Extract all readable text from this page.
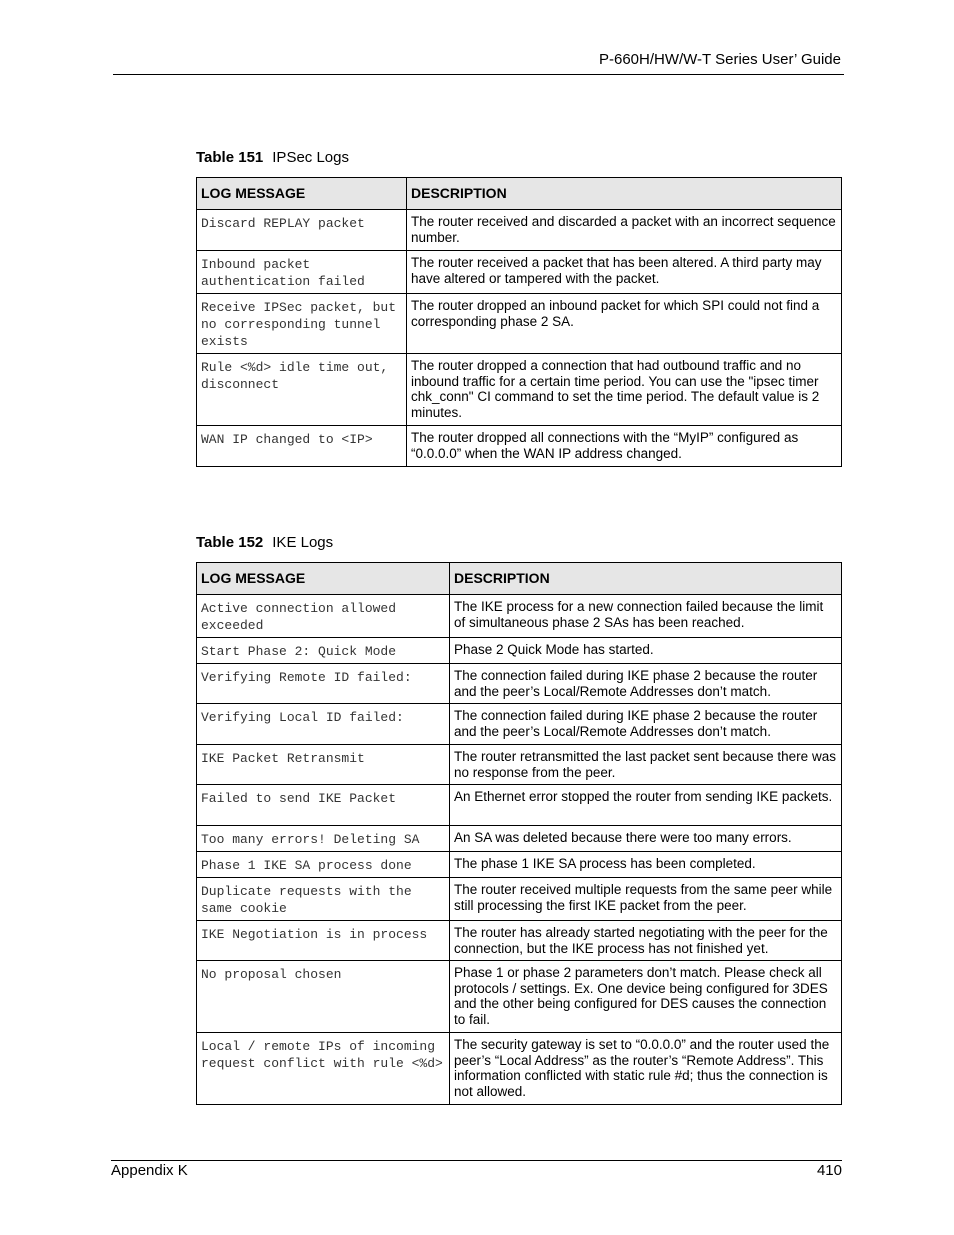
P-660H/HW/W-T Series User’ Guide
Table 151 IPSec Logs
LOG MESSAGE	DESCRIPTION
Discard REPLAY packet	The router received and discarded a packet with an incorrect sequence number.
Inbound packet authentication failed	The router received a packet that has been altered. A third party may have altered or tampered with the packet.
Receive IPSec packet, but no corresponding tunnel exists	The router dropped an inbound packet for which SPI could not find a corresponding phase 2 SA.
Rule <%d> idle time out, disconnect	The router dropped a connection that had outbound traffic and no inbound traffic for a certain time period. You can use the "ipsec timer chk_conn" CI command to set the time period. The default value is 2 minutes.
WAN IP changed to <IP>	The router dropped all connections with the “MyIP” configured as “0.0.0.0” when the WAN IP address changed.
Table 152 IKE Logs
LOG MESSAGE	DESCRIPTION
Active connection allowed exceeded	The IKE process for a new connection failed because the limit of simultaneous phase 2 SAs has been reached.
Start Phase 2: Quick Mode	Phase 2 Quick Mode has started.
Verifying Remote ID failed:	The connection failed during IKE phase 2 because the router and the peer’s Local/Remote Addresses don’t match.
Verifying Local ID failed:	The connection failed during IKE phase 2 because the router and the peer’s Local/Remote Addresses don’t match.
IKE Packet Retransmit	The router retransmitted the last packet sent because there was no response from the peer.
Failed to send IKE Packet	An Ethernet error stopped the router from sending IKE packets.
Too many errors! Deleting SA	An SA was deleted because there were too many errors.
Phase 1 IKE SA process done	The phase 1 IKE SA process has been completed.
Duplicate requests with the same cookie	The router received multiple requests from the same peer while still processing the first IKE packet from the peer.
IKE Negotiation is in process	The router has already started negotiating with the peer for the connection, but the IKE process has not finished yet.
No proposal chosen	Phase 1 or phase 2 parameters don’t match. Please check all protocols / settings. Ex. One device being configured for 3DES and the other being configured for DES causes the connection to fail.
Local / remote IPs of incoming request conflict with rule <%d>	The security gateway is set to “0.0.0.0” and the router used the peer’s “Local Address” as the router’s “Remote Address”. This information conflicted with static rule #d; thus the connection is not allowed.
Appendix K	410
